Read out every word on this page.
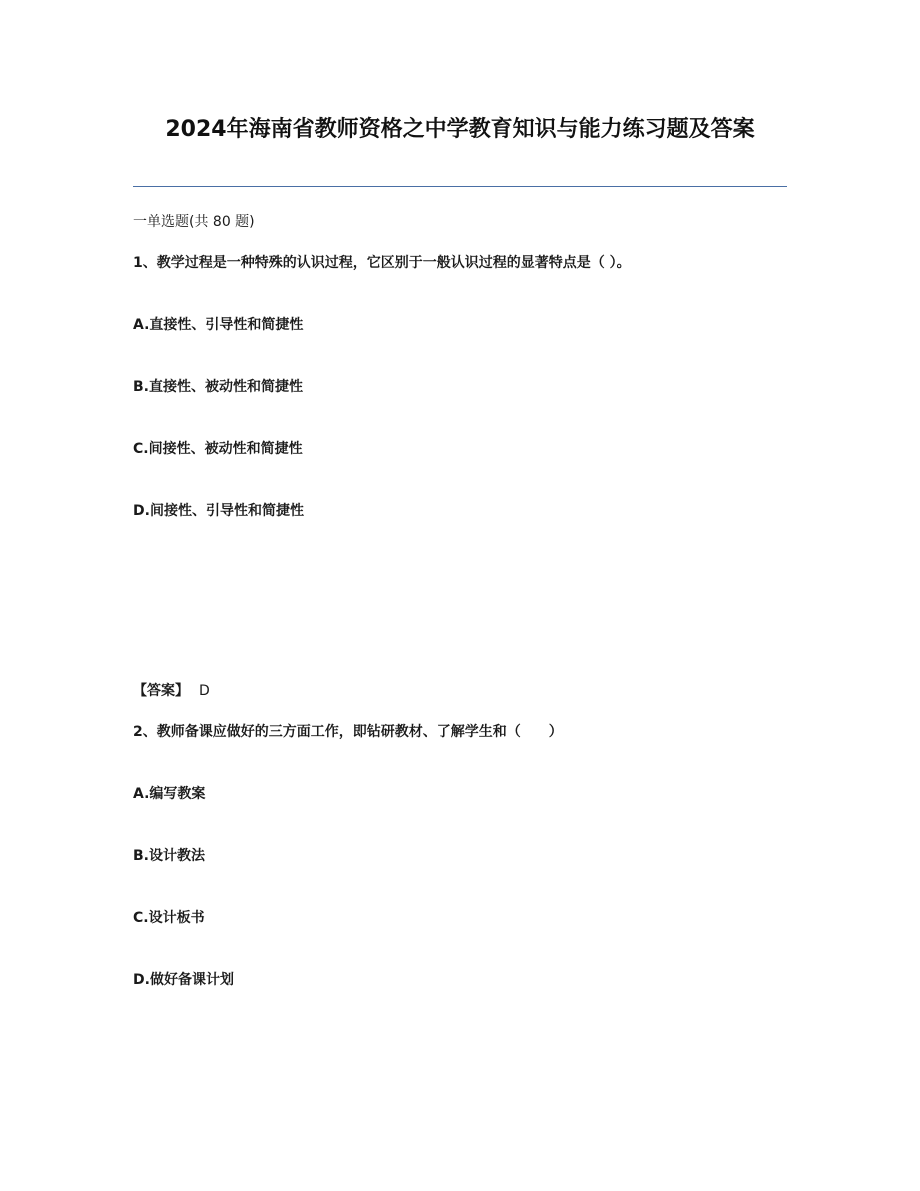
2024年海南省教师资格之中学教育知识与能力练习题及答案
一单选题(共 80 题)
1、教学过程是一种特殊的认识过程，它区别于一般认识过程的显著特点是（ ）。
A.直接性、引导性和简捷性
B.直接性、被动性和简捷性
C.间接性、被动性和简捷性
D.间接性、引导性和简捷性
【答案】 D
2、教师备课应做好的三方面工作，即钻研教材、了解学生和（　　）
A.编写教案
B.设计教法
C.设计板书
D.做好备课计划
